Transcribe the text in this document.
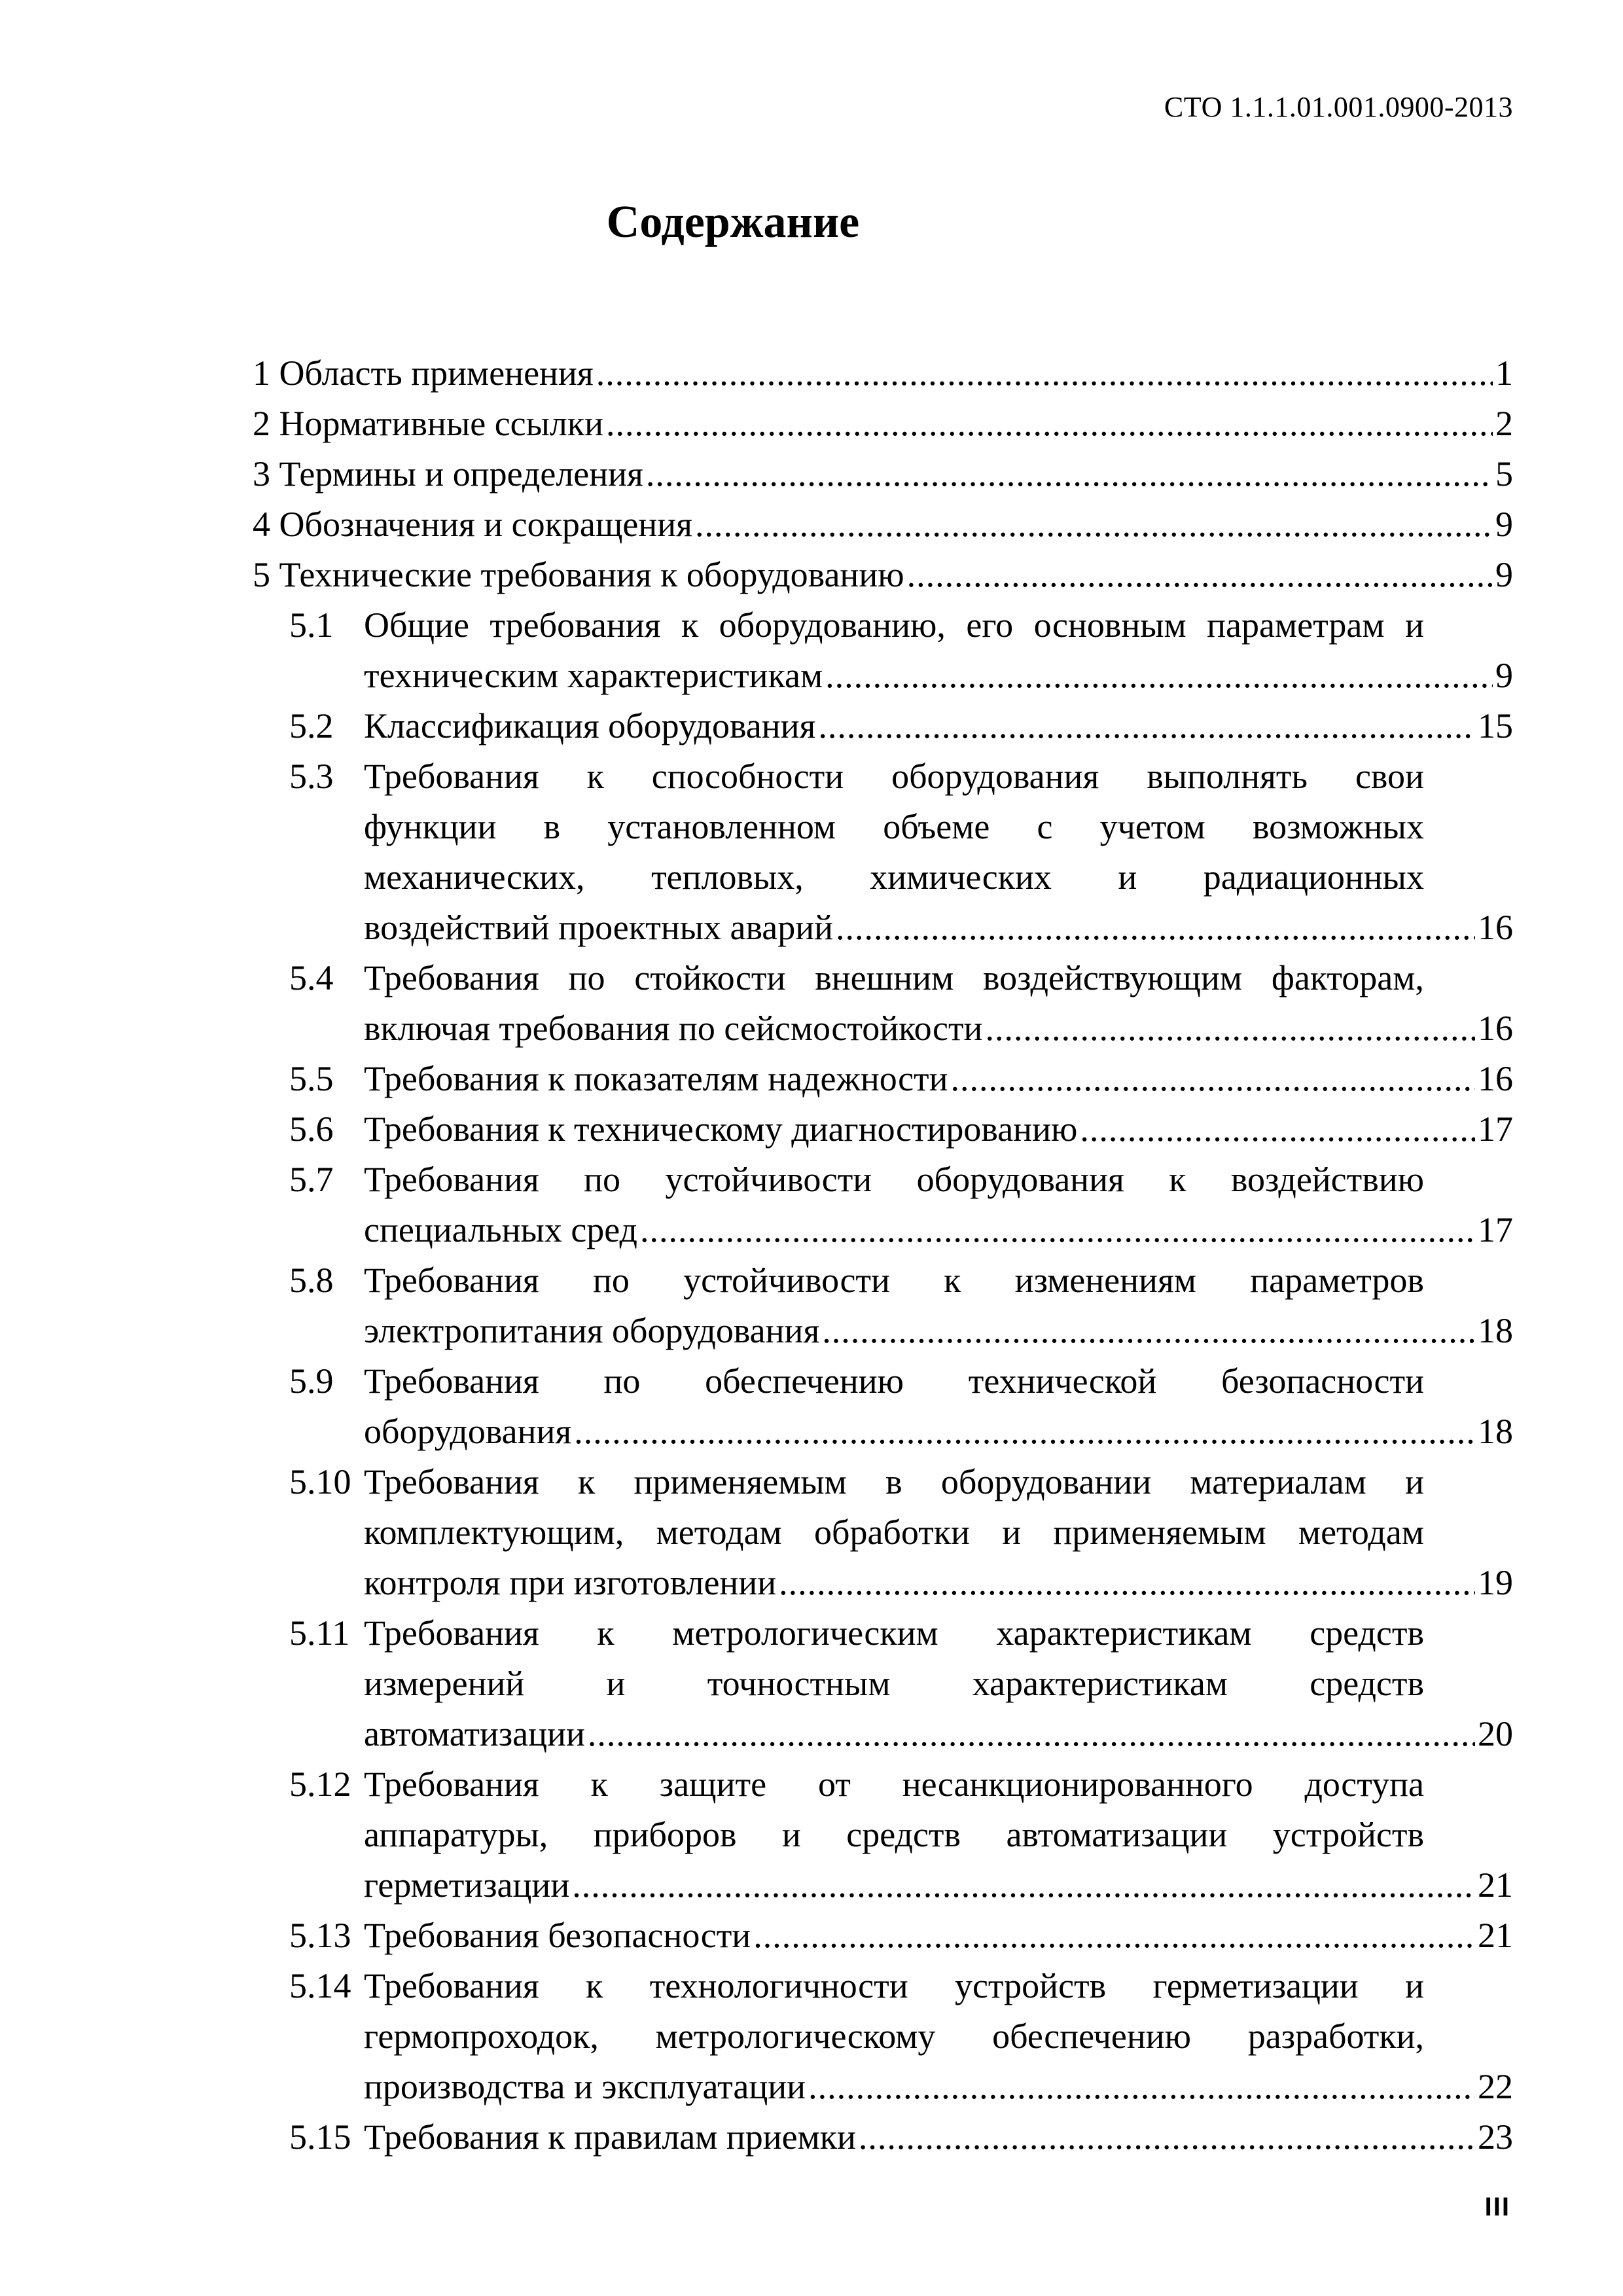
СТО 1.1.1.01.001.0900-2013
Содержание
1 Область применения .....	1
2 Нормативные ссылки .....	2
3 Термины и определения .....	5
4 Обозначения и сокращения .....	9
5 Технические требования к оборудованию .....	9
5.1 Общие требования к оборудованию, его основным параметрам и
техническим характеристикам .....	9
5.2 Классификация оборудования .....	15
5.3 Требования к способности оборудования выполнять свои
функции в установленном объеме с учетом возможных
механических, тепловых, химических и радиационных
воздействий проектных аварий .....	16
5.4 Требования по стойкости внешним воздействующим факторам,
включая требования по сейсмостойкости .....	16
5.5 Требования к показателям надежности .....	16
5.6 Требования к техническому диагностированию .....	17
5.7 Требования по устойчивости оборудования к воздействию
специальных сред .....	17
5.8 Требования по устойчивости к изменениям параметров
электропитания оборудования .....	18
5.9 Требования по обеспечению технической безопасности
оборудования .....	18
5.10 Требования к применяемым в оборудовании материалам и
комплектующим, методам обработки и применяемым методам
контроля при изготовлении .....	19
5.11 Требования к метрологическим характеристикам средств
измерений и точностным характеристикам средств
автоматизации .....	20
5.12 Требования к защите от несанкционированного доступа
аппаратуры, приборов и средств автоматизации устройств
герметизации .....	21
5.13 Требования безопасности .....	21
5.14 Требования к технологичности устройств герметизации и
гермопроходок, метрологическому обеспечению разработки,
производства и эксплуатации .....	22
5.15 Требования к правилам приемки .....	23
III
